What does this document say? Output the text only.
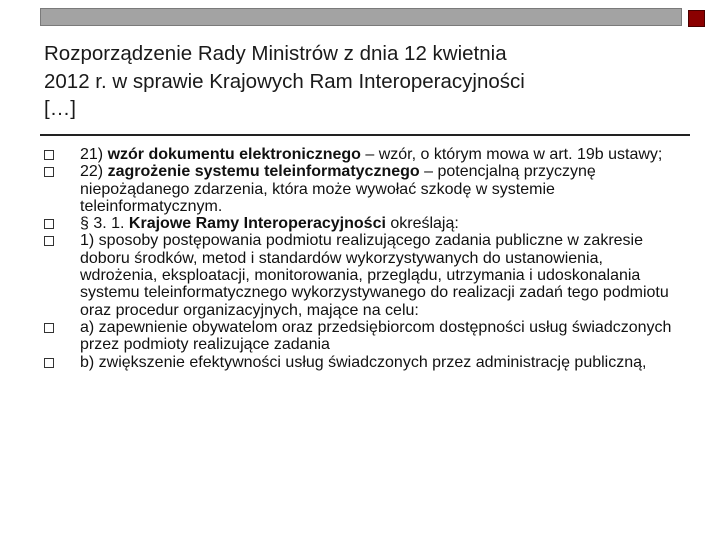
Rozporządzenie Rady Ministrów z dnia 12 kwietnia
2012 r. w sprawie Krajowych Ram Interoperacyjności
[…]
21) wzór dokumentu elektronicznego – wzór, o którym mowa w art. 19b ustawy;
22) zagrożenie systemu teleinformatycznego – potencjalną przyczynę niepożądanego zdarzenia, która może wywołać szkodę w systemie teleinformatycznym.
§ 3. 1. Krajowe Ramy Interoperacyjności określają:
1) sposoby postępowania podmiotu realizującego zadania publiczne w zakresie doboru środków, metod i standardów wykorzystywanych do ustanowienia, wdrożenia, eksploatacji, monitorowania, przeglądu, utrzymania i udoskonalania systemu teleinformatycznego wykorzystywanego do realizacji zadań tego podmiotu oraz procedur organizacyjnych, mające na celu:
a) zapewnienie obywatelom oraz przedsiębiorcom dostępności usług świadczonych przez podmioty realizujące zadania
b) zwiększenie efektywności usług świadczonych przez administrację publiczną,
